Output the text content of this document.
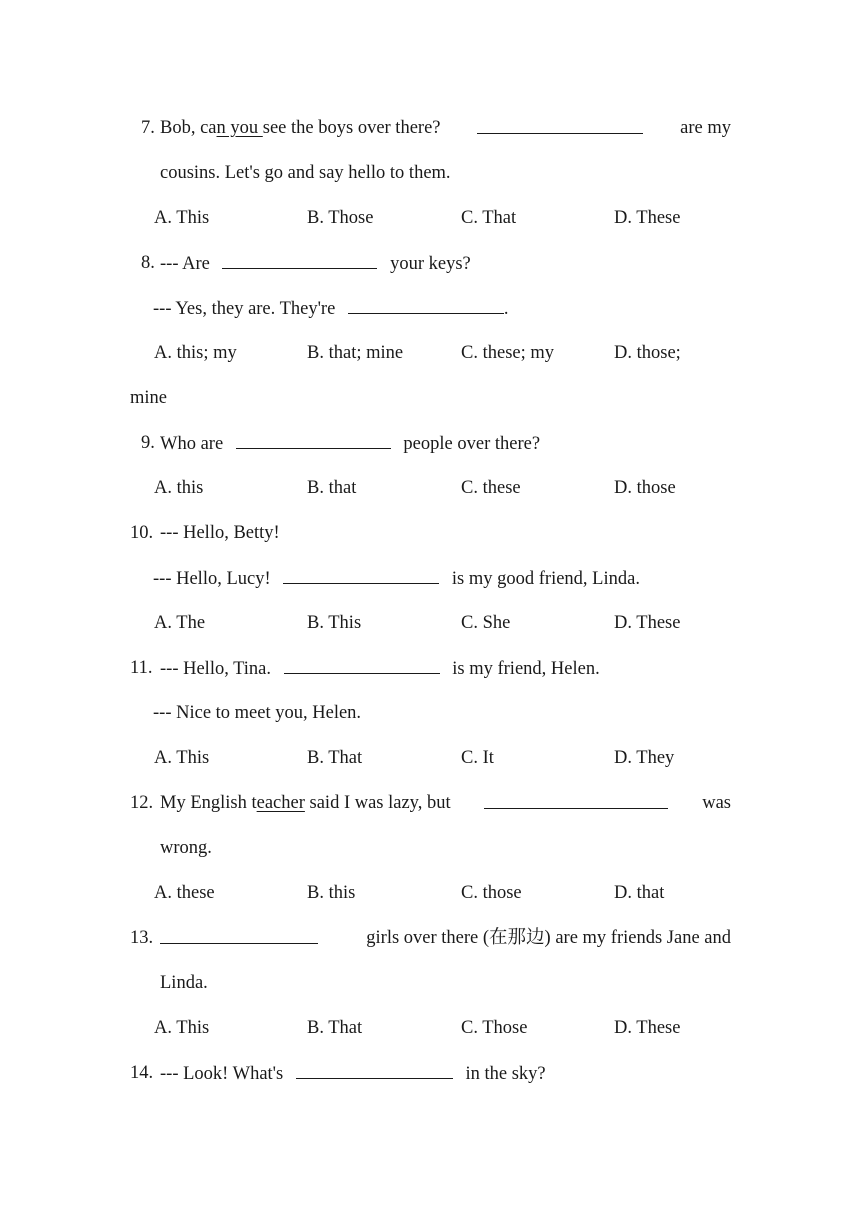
7. Bob, can you see the boys over there?	are my
cousins. Let's go and say hello to them.
A. This	B. Those	C. That	D. These
8. --- Are	your keys?
--- Yes, they are. They're	.
A. this; my	B. that; mine	C. these; my	D. those;
mine
9. Who are	people over there?
A. this	B. that	C. these	D. those
10. --- Hello, Betty!
--- Hello, Lucy!	is my good friend, Linda.
A. The	B. This	C. She	D. These
11. --- Hello, Tina.	is my friend, Helen.
--- Nice to meet you, Helen.
A. This	B. That	C. It	D. They
12. My English teacher said I was lazy, but	was
wrong.
A. these	B. this	C. those	D. that
13.	girls over there (在那边) are my friends Jane and
Linda.
A. This	B. That	C. Those	D. These
14. --- Look! What's	in the sky?
